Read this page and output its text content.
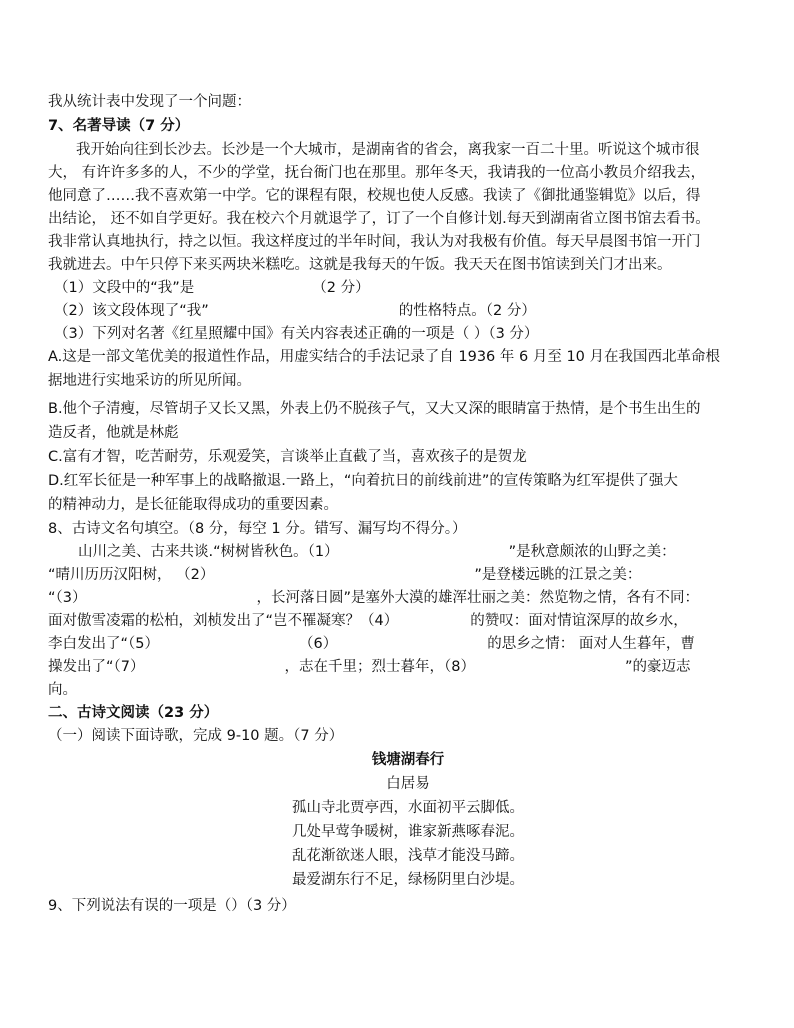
我从统计表中发现了一个问题：
7、名著导读（7 分）
我开始向往到长沙去。长沙是一个大城市，是湖南省的省会，离我家一百二十里。听说这个城市很
大， 有许许多多的人，不少的学堂，抚台衙门也在那里。那年冬天，我请我的一位高小教员介绍我去，
他同意了……我不喜欢第一中学。它的课程有限，校规也使人反感。我读了《御批通鉴辑览》以后，得
出结论， 还不如自学更好。我在校六个月就退学了，订了一个自修计划.每天到湖南省立图书馆去看书。
我非常认真地执行，持之以恒。我这样度过的半年时间，我认为对我极有价值。每天早晨图书馆一开门
我就进去。中午只停下来买两块米糕吃。这就是我每天的午饭。我天天在图书馆读到关门才出来。
（1）文段中的“我”是	（2 分）
（2）该文段体现了“我”	的性格特点。（2 分）
（3）下列对名著《红星照耀中国》有关内容表述正确的一项是（ ）（3 分）
A.这是一部文笔优美的报道性作品，用虚实结合的手法记录了自 1936 年 6 月至 10 月在我国西北革命根
据地进行实地采访的所见所闻。
B.他个子清瘦，尽管胡子又长又黑，外表上仍不脱孩子气，又大又深的眼睛富于热情，是个书生出生的
造反者，他就是林彪
C.富有才智，吃苦耐劳，乐观爱笑，言谈举止直截了当，喜欢孩子的是贺龙
D.红军长征是一种军事上的战略撤退.一路上，“向着抗日的前线前进”的宣传策略为红军提供了强大
的精神动力，是长征能取得成功的重要因素。
8、古诗文名句填空。（8 分，每空 1 分。错写、漏写均不得分。）
山川之美、古来共谈.“树树皆秋色。（1）	”是秋意颇浓的山野之美：
“晴川历历汉阳树， （2）	”是登楼远眺的江景之美：
“（3）	，长河落日圆”是塞外大漠的雄浑壮丽之美：然览物之情，各有不同：
面对傲雪凌霜的松柏，刘桢发出了“岂不罹凝寒？（4）	的赞叹：面对情谊深厚的故乡水，
李白发出了“（5）	（6）	的思乡之情： 面对人生暮年，曹
操发出了“（7）	，志在千里；烈士暮年，（8）	”的豪迈志
向。
二、古诗文阅读（23 分）
（一）阅读下面诗歌，完成 9-10 题。（7 分）
钱塘湖春行
白居易
孤山寺北贾亭西，水面初平云脚低。
几处早莺争暖树，谁家新燕啄春泥。
乱花渐欲迷人眼，浅草才能没马蹄。
最爱湖东行不足，绿杨阴里白沙堤。
9、下列说法有误的一项是（）（3 分）
